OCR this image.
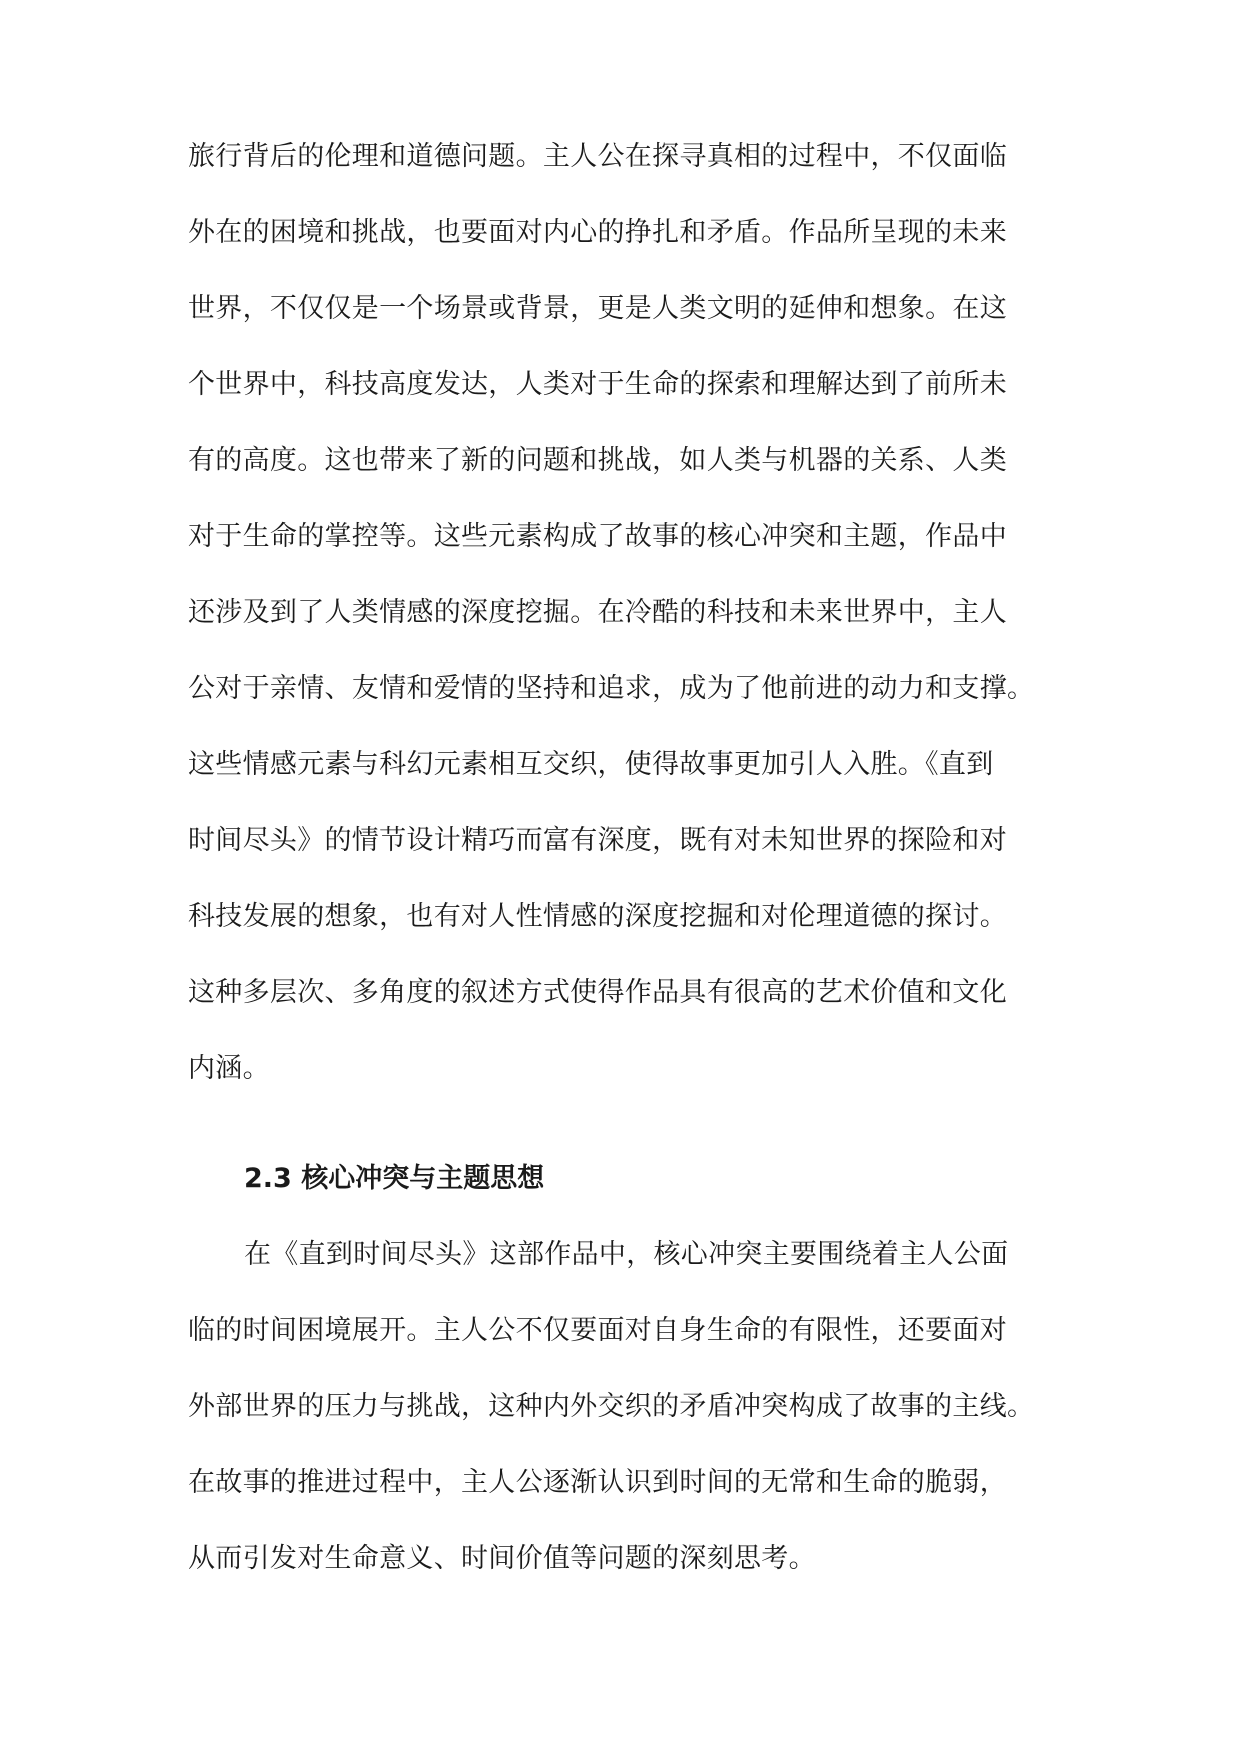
旅行背后的伦理和道德问题。主人公在探寻真相的过程中，不仅面临
外在的困境和挑战，也要面对内心的挣扎和矛盾。作品所呈现的未来
世界，不仅仅是一个场景或背景，更是人类文明的延伸和想象。在这
个世界中，科技高度发达，人类对于生命的探索和理解达到了前所未
有的高度。这也带来了新的问题和挑战，如人类与机器的关系、人类
对于生命的掌控等。这些元素构成了故事的核心冲突和主题，作品中
还涉及到了人类情感的深度挖掘。在冷酷的科技和未来世界中，主人
公对于亲情、友情和爱情的坚持和追求，成为了他前进的动力和支撑。
这些情感元素与科幻元素相互交织，使得故事更加引人入胜。《直到
时间尽头》的情节设计精巧而富有深度，既有对未知世界的探险和对
科技发展的想象，也有对人性情感的深度挖掘和对伦理道德的探讨。
这种多层次、多角度的叙述方式使得作品具有很高的艺术价值和文化
内涵。
2.3 核心冲突与主题思想
在《直到时间尽头》这部作品中，核心冲突主要围绕着主人公面
临的时间困境展开。主人公不仅要面对自身生命的有限性，还要面对
外部世界的压力与挑战，这种内外交织的矛盾冲突构成了故事的主线。
在故事的推进过程中，主人公逐渐认识到时间的无常和生命的脆弱，
从而引发对生命意义、时间价值等问题的深刻思考。
